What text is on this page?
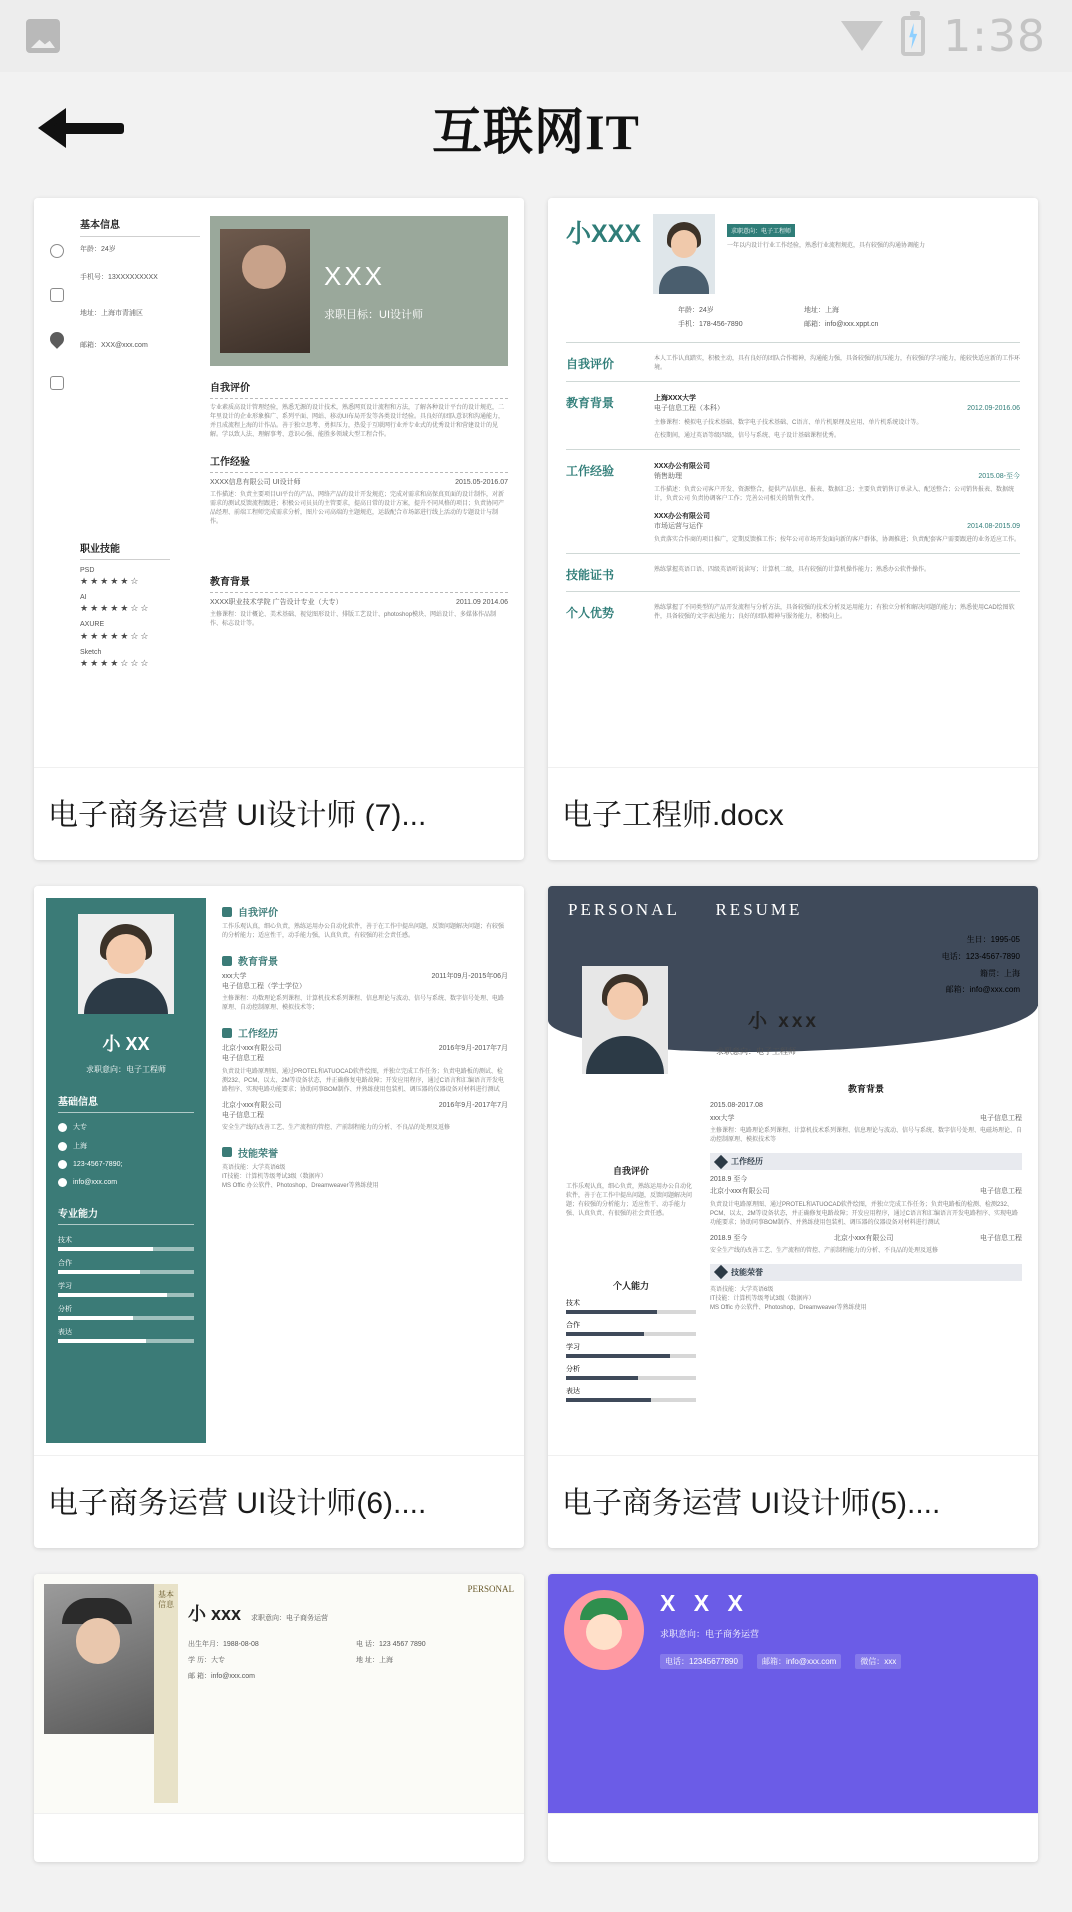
1:38
互联网IT
基本信息
年龄：24岁
手机号：13XXXXXXXXX
地址：上海市青浦区
邮箱：XXX@xxx.com
XXX
求职目标：UI设计师
自我评价
专业素质高设计管理经验，熟悉无源的设计技术，熟悉网页设计流程和方法，了解各种设计平台的设计规范，二年里设计的企业形象推广、系列平面、网站、移动UI布局开发等各类设计经验。具良好的团队意识和沟通能力，并且成流程上海的计作品。善于独立思考、勇担压力，热爱于互联网行业并专业式的优秀设计和营建设计的见解。学以致人法、理解事考、意识心强、能胜多领域大型工程合作。
工作经验
XXXX信息有限公司 UI设计师	2015.05-2016.07
工作描述：负责主要项目UI平台的产品、网络产品的设计开发规范；完成对需求和高保真页面的设计制作，对新需求的测试反馈流程跟进；积极公司员员的主管要求，提高日常的设计方案，提升不同风格的项目；负责协同产品经理、前端工程师完成需求分析，图片公司高端的主题规范，运载配合市场部进行线上活动的专题设计与制作。
职业技能
PSD
★★★★★☆
AI
★★★★★☆☆
AXURE
★★★★★☆☆
Sketch
★★★★☆☆☆
教育背景
XXXX职业技术学院 广告设计专业（大专）	2011.09 2014.06
主修课程：设计概论、美术基础、视觉图形设计、排版工艺设计、photoshop模块、网站设计、多媒体作品制作、标志设计等。
电子商务运营 UI设计师 (7)...
小XXX	求职意向：电子工程师
一年以内设计行业工作经验，熟悉行业流程规范，具有较强的沟通协调能力
年龄：24岁	地址：上海
手机：178-456-7890	邮箱：info@xxx.xppt.cn
自我评价	本人工作认真踏实，积极主动，具有良好的团队合作精神，沟通能力强，具备较强的抗压能力，有较强的学习能力，能较快适应新的工作环境。
教育背景	上海XXX大学
电子信息工程（本科）	2012.09-2016.06
主修课程：模拟电子技术基础、数字电子技术基础、C语言、单片机原理及应用、单片机系统设计等。
在校期间，通过英语等级四级，信号与系统、电子设计基础课程优秀。
工作经验	XXX办公有限公司
销售助理	2015.08-至今
工作描述：负责公司客户开发、资源整合，提供产品信息、报表、数据汇总；主要负责销售订单录入、配送整合；公司销售报表、数据统计，负责公司 负责协调客户工作；完善公司相关的销售文件。
XXX办公有限公司
市场运营与运作	2014.08-2015.09
负责落实合作商的项目推广，定期反馈推工作；按年公司市场开发面向新的客户群体，协调推进；负责配套客户需要跟进的业务适应工作。
技能证书	熟练掌握英语口语、四级英语听说读写；计算机二级，具有较强的计算机操作能力；熟悉办公软件操作。
个人优势	熟练掌握了不同类型的产品开发流程与分析方法，具备较强的技术分析及运用能力；有独立分析和解决问题的能力；熟悉使用CAD绘图软件，具备较强的文字表达能力；良好的团队精神与服务能力，积极向上。
电子工程师.docx
小 XX
求职意向：电子工程师
基础信息
大专
上海
123-4567-7890;
info@xxx.com
专业能力
技术
合作
学习
分析
表达
自我评价
工作乐观认真，细心负责，熟练运用办公自动化软件，善于在工作中提出问题，反馈问题解决问题；有较强的分析能力；适应性干，动手能力强，认真负责，有较强的社会责任感。
教育背景
xxx大学	2011年09月-2015年06月
电子信息工程（学士学位）
主修课程：功数理论系列课程、计算机技术系列课程、信息理论与波动、信号与系统、数字信号处理、电路原理、自动控制原理、模拟技术等；
工作经历
北京小xxx有限公司	2016年9月-2017年7月
电子信息工程
负责设计电路原理图、通过PROTEL和ATUOCAD软件绘图，并独立完成工作任务；负责电路板的测试、检测232、PCM、以太、2M等设备状态，并正确修复电路故障；开发应用程序，通过C语言和汇编语言开发电路程序、实现电路功能要求；协助同事BOM制作、并熟练使用包装机、调压器的仪器设备对材料进行测试
北京小xxx有限公司	2016年9月-2017年7月
电子信息工程
安全生产线的改善工艺、生产流程的管控、产前制程能力的分析、不良品的处理及返修
技能荣誉
英语技能：大学英语6级
IT技能：计算机等级考试3级（数据库）
MS Offic 办公软件、Photoshop、Dreamweaver等熟练使用
电子商务运营 UI设计师(6)....
PERSONAL RESUME
生日：1995-05
电话：123-4567-7890
籍贯：上海
邮箱：info@xxx.com
小 xxx
求职意向：电子工程师
自我评价
工作乐观认真，细心负责，熟练运用办公自动化软件，善于在工作中提出问题，反馈问题解决问题；有较强的分析能力；适应性干、动手能力强、认真负责、有很强的社会责任感。
个人能力
技术
合作
学习
分析
表达
教育背景
2015.08-2017.08
xxx大学	电子信息工程
主修课程：电路理论系列课程、计算机技术系列课程、信息理论与波动、信号与系统、数字信号处理、电磁场理论、自动控制原理、模拟技术等
工作经历
2018.9 至今
北京小xxx有限公司	电子信息工程
负责设计电路原理图、通过PROTEL和ATUOCAD软件绘图，并独立完成工作任务；负责电路板的检测、检测232、PCM、以太、2M等设备状态，并正确修复电路故障；开发应用程序，通过C语言和汇编语言开发电路程序、实现电路功能要求；协助同事BOM制作、并熟练使用包装机、调压器的仪器设备对材料进行测试
2018.9 至今	北京小xxx有限公司	电子信息工程
安全生产线的改善工艺、生产流程的管控、产前制程能力的分析、不良品的处理及返修
技能荣誉
英语技能：大学英语6级
IT技能：计算机等级考试3级（数据库）
MS Offic 办公软件、Photoshop、Dreamweaver等熟练使用
电子商务运营 UI设计师(5)....
基本信息
PERSONAL
小 xxx 求职意向：电子商务运营
出生年月：1988-08-08	电 话：123 4567 7890
学 历：大专	地 址：上海
邮 箱：info@xxx.com
X X X
求职意向：电子商务运营
电话：12345677890	邮箱：info@xxx.com	微信：xxx
